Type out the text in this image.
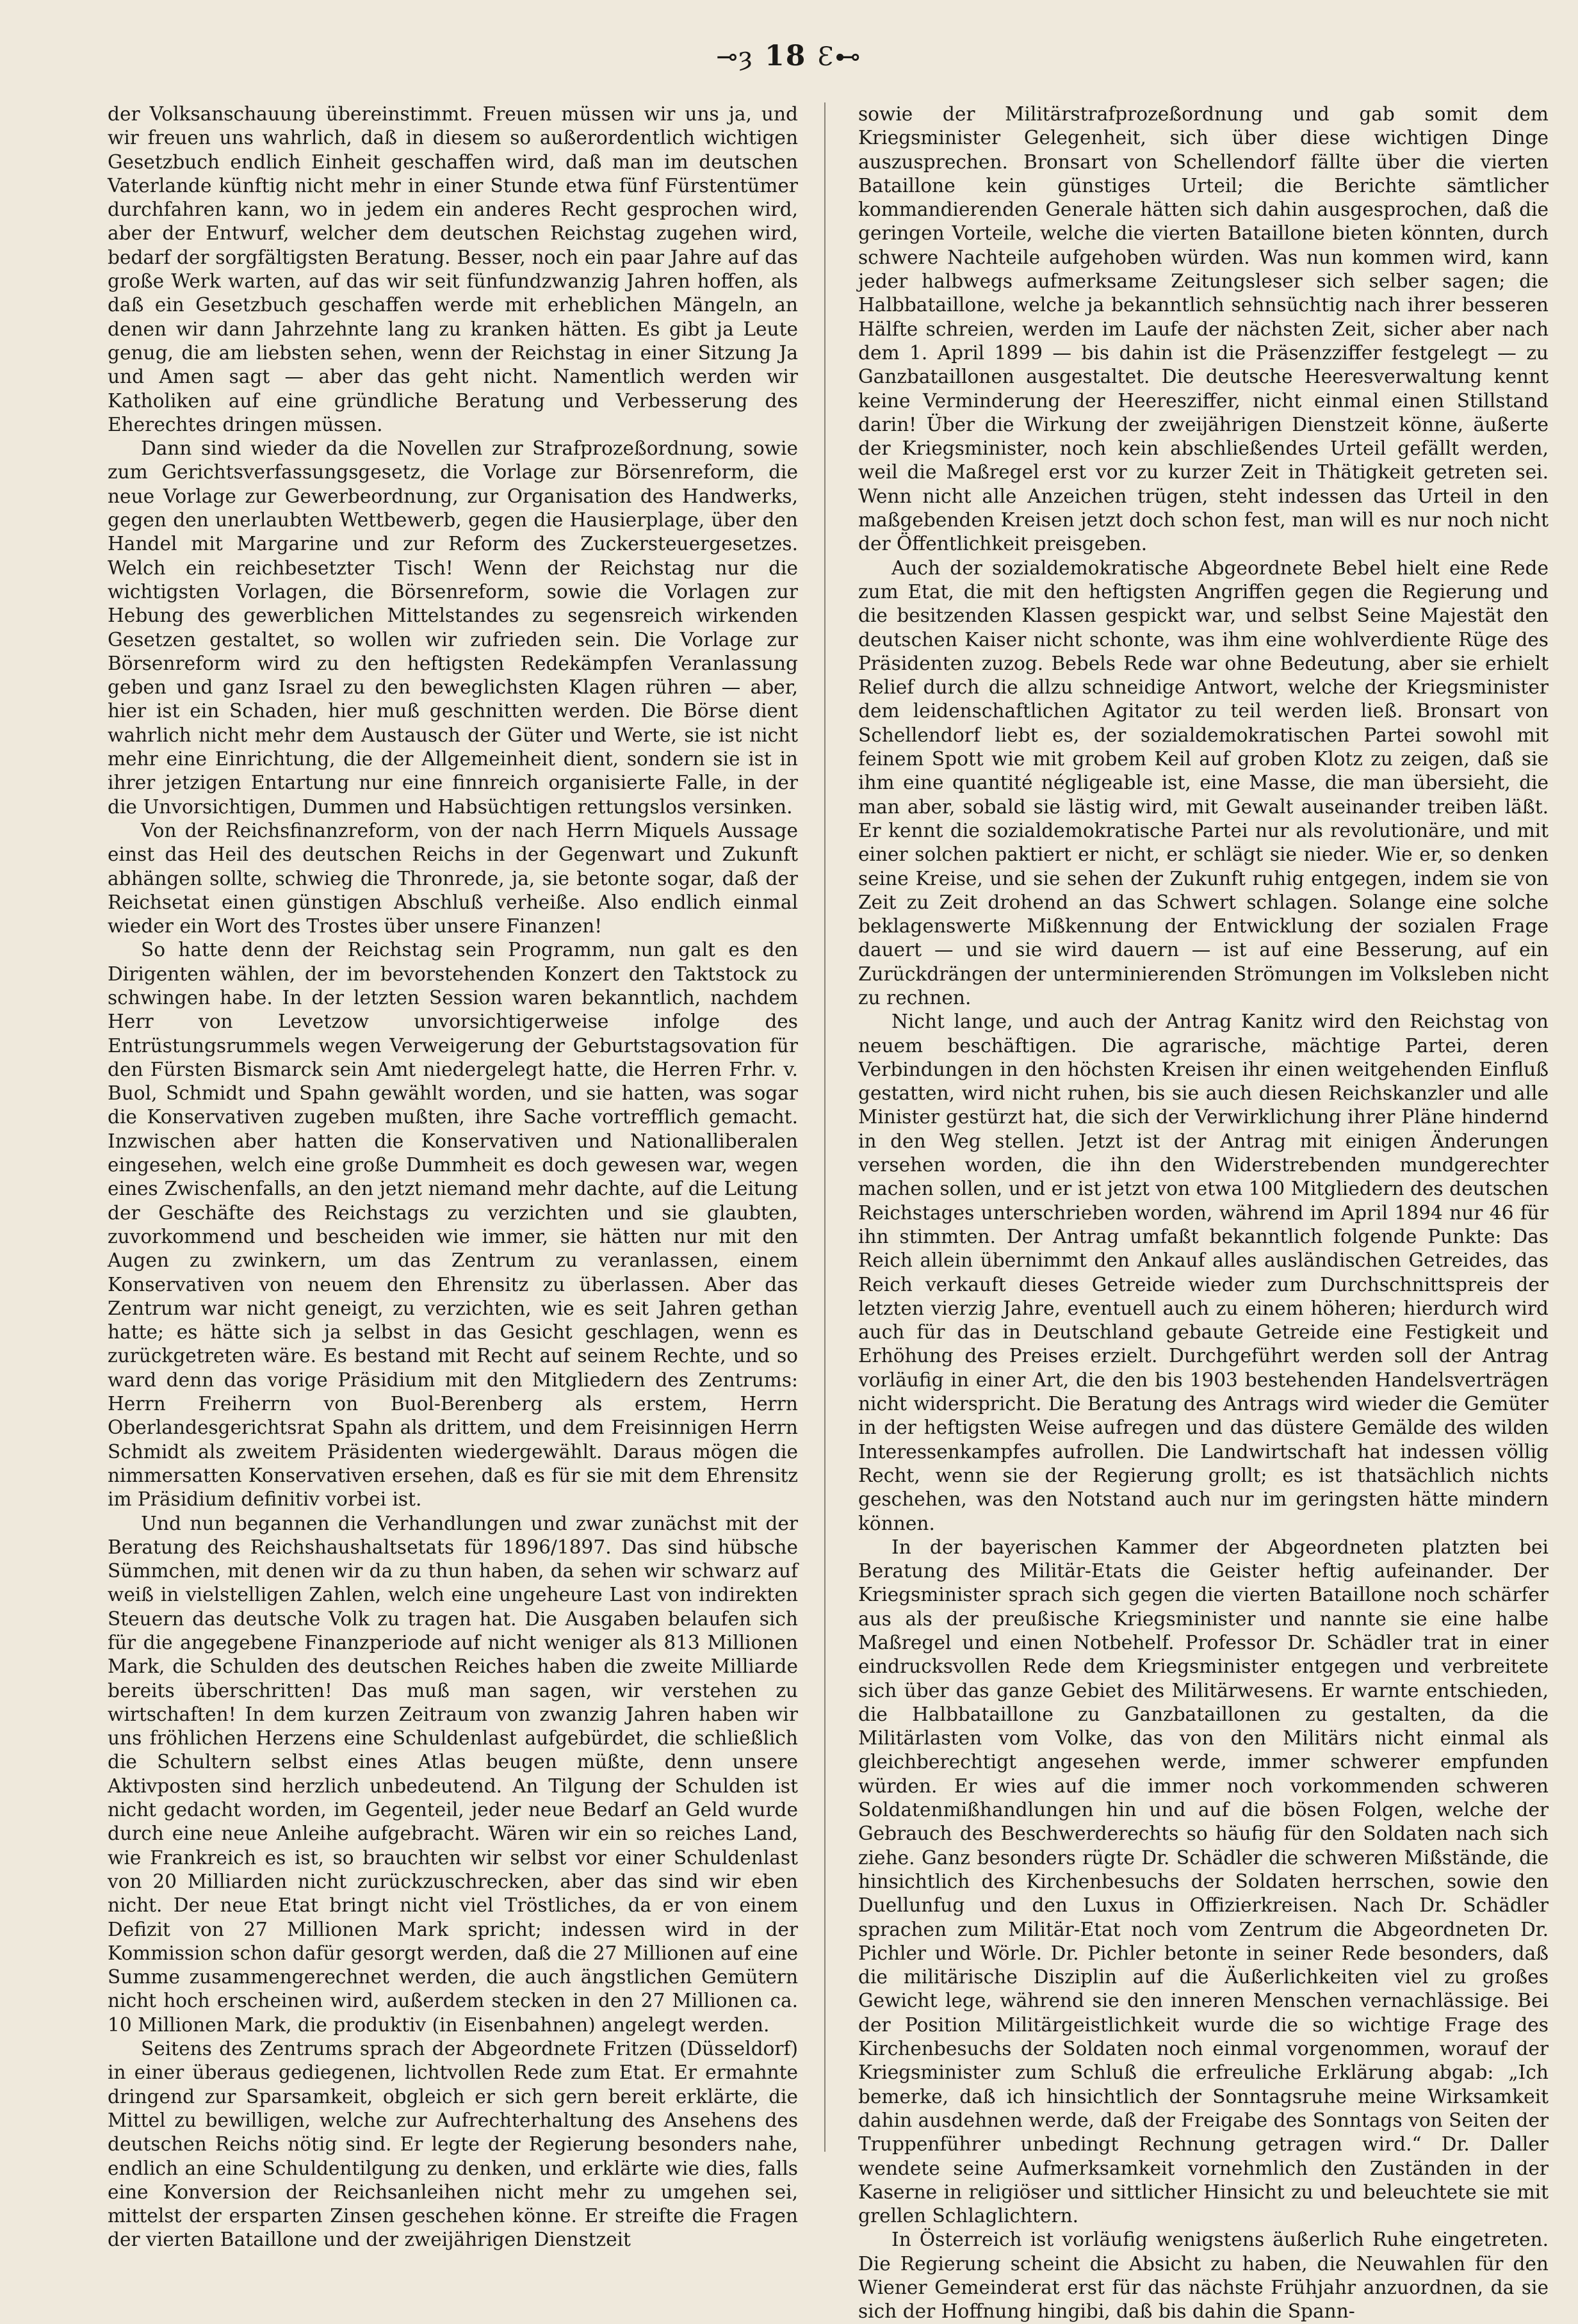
⊸ȝ 18 Ɛ⊷

der Volksanschauung übereinstimmt. Freuen müssen wir uns ja, und wir freuen uns wahrlich, daß in diesem so außerordentlich wichtigen Gesetzbuch endlich Einheit geschaffen wird, daß man im deutschen Vaterlande künftig nicht mehr in einer Stunde etwa fünf Fürstentümer durchfahren kann, wo in jedem ein anderes Recht gesprochen wird, aber der Entwurf, welcher dem deutschen Reichstag zugehen wird, bedarf der sorgfältigsten Beratung. Besser, noch ein paar Jahre auf das große Werk warten, auf das wir seit fünfundzwanzig Jahren hoffen, als daß ein Gesetzbuch geschaffen werde mit erheblichen Mängeln, an denen wir dann Jahrzehnte lang zu kranken hätten. Es gibt ja Leute genug, die am liebsten sehen, wenn der Reichstag in einer Sitzung Ja und Amen sagt — aber das geht nicht. Namentlich werden wir Katholiken auf eine gründliche Beratung und Verbesserung des Eherechtes dringen müssen.

Dann sind wieder da die Novellen zur Strafprozeßordnung, sowie zum Gerichtsverfassungsgesetz, die Vorlage zur Börsenreform, die neue Vorlage zur Gewerbeordnung, zur Organisation des Handwerks, gegen den unerlaubten Wettbewerb, gegen die Hausierplage, über den Handel mit Margarine und zur Reform des Zuckersteuergesetzes. Welch ein reichbesetzter Tisch! Wenn der Reichstag nur die wichtigsten Vorlagen, die Börsenreform, sowie die Vorlagen zur Hebung des gewerblichen Mittelstandes zu segensreich wirkenden Gesetzen gestaltet, so wollen wir zufrieden sein. Die Vorlage zur Börsenreform wird zu den heftigsten Redekämpfen Veranlassung geben und ganz Israel zu den beweglichsten Klagen rühren — aber, hier ist ein Schaden, hier muß geschnitten werden. Die Börse dient wahrlich nicht mehr dem Austausch der Güter und Werte, sie ist nicht mehr eine Einrichtung, die der Allgemeinheit dient, sondern sie ist in ihrer jetzigen Entartung nur eine finnreich organisierte Falle, in der die Unvorsichtigen, Dummen und Habsüchtigen rettungslos versinken.

Von der Reichsfinanzreform, von der nach Herrn Miquels Aussage einst das Heil des deutschen Reichs in der Gegenwart und Zukunft abhängen sollte, schwieg die Thronrede, ja, sie betonte sogar, daß der Reichsetat einen günstigen Abschluß verheiße. Also endlich einmal wieder ein Wort des Trostes über unsere Finanzen!

So hatte denn der Reichstag sein Programm, nun galt es den Dirigenten wählen, der im bevorstehenden Konzert den Taktstock zu schwingen habe. In der letzten Session waren bekanntlich, nachdem Herr von Levetzow unvorsichtigerweise infolge des Entrüstungsrummels wegen Verweigerung der Geburtstagsovation für den Fürsten Bismarck sein Amt niedergelegt hatte, die Herren Frhr. v. Buol, Schmidt und Spahn gewählt worden, und sie hatten, was sogar die Konservativen zugeben mußten, ihre Sache vortrefflich gemacht. Inzwischen aber hatten die Konservativen und Nationalliberalen eingesehen, welch eine große Dummheit es doch gewesen war, wegen eines Zwischenfalls, an den jetzt niemand mehr dachte, auf die Leitung der Geschäfte des Reichstags zu verzichten und sie glaubten, zuvorkommend und bescheiden wie immer, sie hätten nur mit den Augen zu zwinkern, um das Zentrum zu veranlassen, einem Konservativen von neuem den Ehrensitz zu überlassen. Aber das Zentrum war nicht geneigt, zu verzichten, wie es seit Jahren gethan hatte; es hätte sich ja selbst in das Gesicht geschlagen, wenn es zurückgetreten wäre. Es bestand mit Recht auf seinem Rechte, und so ward denn das vorige Präsidium mit den Mitgliedern des Zentrums: Herrn Freiherrn von Buol-Berenberg als erstem, Herrn Oberlandesgerichtsrat Spahn als drittem, und dem Freisinnigen Herrn Schmidt als zweitem Präsidenten wiedergewählt. Daraus mögen die nimmersatten Konservativen ersehen, daß es für sie mit dem Ehrensitz im Präsidium definitiv vorbei ist.

Und nun begannen die Verhandlungen und zwar zunächst mit der Beratung des Reichshaushaltsetats für 1896/1897. Das sind hübsche Sümmchen, mit denen wir da zu thun haben, da sehen wir schwarz auf weiß in vielstelligen Zahlen, welch eine ungeheure Last von indirekten Steuern das deutsche Volk zu tragen hat. Die Ausgaben belaufen sich für die angegebene Finanzperiode auf nicht weniger als 813 Millionen Mark, die Schulden des deutschen Reiches haben die zweite Milliarde bereits überschritten! Das muß man sagen, wir verstehen zu wirtschaften! In dem kurzen Zeitraum von zwanzig Jahren haben wir uns fröhlichen Herzens eine Schuldenlast aufgebürdet, die schließlich die Schultern selbst eines Atlas beugen müßte, denn unsere Aktivposten sind herzlich unbedeutend. An Tilgung der Schulden ist nicht gedacht worden, im Gegenteil, jeder neue Bedarf an Geld wurde durch eine neue Anleihe aufgebracht. Wären wir ein so reiches Land, wie Frankreich es ist, so brauchten wir selbst vor einer Schuldenlast von 20 Milliarden nicht zurückzuschrecken, aber das sind wir eben nicht. Der neue Etat bringt nicht viel Tröstliches, da er von einem Defizit von 27 Millionen Mark spricht; indessen wird in der Kommission schon dafür gesorgt werden, daß die 27 Millionen auf eine Summe zusammengerechnet werden, die auch ängstlichen Gemütern nicht hoch erscheinen wird, außerdem stecken in den 27 Millionen ca. 10 Millionen Mark, die produktiv (in Eisenbahnen) angelegt werden.

Seitens des Zentrums sprach der Abgeordnete Fritzen (Düsseldorf) in einer überaus gediegenen, lichtvollen Rede zum Etat. Er ermahnte dringend zur Sparsamkeit, obgleich er sich gern bereit erklärte, die Mittel zu bewilligen, welche zur Aufrechterhaltung des Ansehens des deutschen Reichs nötig sind. Er legte der Regierung besonders nahe, endlich an eine Schuldentilgung zu denken, und erklärte wie dies, falls eine Konversion der Reichsanleihen nicht mehr zu umgehen sei, mittelst der ersparten Zinsen geschehen könne. Er streifte die Fragen der vierten Bataillone und der zweijährigen Dienstzeit

sowie der Militärstrafprozeßordnung und gab somit dem Kriegsminister Gelegenheit, sich über diese wichtigen Dinge auszusprechen. Bronsart von Schellendorf fällte über die vierten Bataillone kein günstiges Urteil; die Berichte sämtlicher kommandierenden Generale hätten sich dahin ausgesprochen, daß die geringen Vorteile, welche die vierten Bataillone bieten könnten, durch schwere Nachteile aufgehoben würden. Was nun kommen wird, kann jeder halbwegs aufmerksame Zeitungsleser sich selber sagen; die Halbbataillone, welche ja bekanntlich sehnsüchtig nach ihrer besseren Hälfte schreien, werden im Laufe der nächsten Zeit, sicher aber nach dem 1. April 1899 — bis dahin ist die Präsenzziffer festgelegt — zu Ganzbataillonen ausgestaltet. Die deutsche Heeresverwaltung kennt keine Verminderung der Heeresziffer, nicht einmal einen Stillstand darin! Über die Wirkung der zweijährigen Dienstzeit könne, äußerte der Kriegsminister, noch kein abschließendes Urteil gefällt werden, weil die Maßregel erst vor zu kurzer Zeit in Thätigkeit getreten sei. Wenn nicht alle Anzeichen trügen, steht indessen das Urteil in den maßgebenden Kreisen jetzt doch schon fest, man will es nur noch nicht der Öffentlichkeit preisgeben.

Auch der sozialdemokratische Abgeordnete Bebel hielt eine Rede zum Etat, die mit den heftigsten Angriffen gegen die Regierung und die besitzenden Klassen gespickt war, und selbst Seine Majestät den deutschen Kaiser nicht schonte, was ihm eine wohlverdiente Rüge des Präsidenten zuzog. Bebels Rede war ohne Bedeutung, aber sie erhielt Relief durch die allzu schneidige Antwort, welche der Kriegsminister dem leidenschaftlichen Agitator zu teil werden ließ. Bronsart von Schellendorf liebt es, der sozialdemokratischen Partei sowohl mit feinem Spott wie mit grobem Keil auf groben Klotz zu zeigen, daß sie ihm eine quantité négligeable ist, eine Masse, die man übersieht, die man aber, sobald sie lästig wird, mit Gewalt auseinander treiben läßt. Er kennt die sozialdemokratische Partei nur als revolutionäre, und mit einer solchen paktiert er nicht, er schlägt sie nieder. Wie er, so denken seine Kreise, und sie sehen der Zukunft ruhig entgegen, indem sie von Zeit zu Zeit drohend an das Schwert schlagen. Solange eine solche beklagenswerte Mißkennung der Entwicklung der sozialen Frage dauert — und sie wird dauern — ist auf eine Besserung, auf ein Zurückdrängen der unterminierenden Strömungen im Volksleben nicht zu rechnen.

Nicht lange, und auch der Antrag Kanitz wird den Reichstag von neuem beschäftigen. Die agrarische, mächtige Partei, deren Verbindungen in den höchsten Kreisen ihr einen weitgehenden Einfluß gestatten, wird nicht ruhen, bis sie auch diesen Reichskanzler und alle Minister gestürzt hat, die sich der Verwirklichung ihrer Pläne hindernd in den Weg stellen. Jetzt ist der Antrag mit einigen Änderungen versehen worden, die ihn den Widerstrebenden mundgerechter machen sollen, und er ist jetzt von etwa 100 Mitgliedern des deutschen Reichstages unterschrieben worden, während im April 1894 nur 46 für ihn stimmten. Der Antrag umfaßt bekanntlich folgende Punkte: Das Reich allein übernimmt den Ankauf alles ausländischen Getreides, das Reich verkauft dieses Getreide wieder zum Durchschnittspreis der letzten vierzig Jahre, eventuell auch zu einem höheren; hierdurch wird auch für das in Deutschland gebaute Getreide eine Festigkeit und Erhöhung des Preises erzielt. Durchgeführt werden soll der Antrag vorläufig in einer Art, die den bis 1903 bestehenden Handelsverträgen nicht widerspricht. Die Beratung des Antrags wird wieder die Gemüter in der heftigsten Weise aufregen und das düstere Gemälde des wilden Interessenkampfes aufrollen. Die Landwirtschaft hat indessen völlig Recht, wenn sie der Regierung grollt; es ist thatsächlich nichts geschehen, was den Notstand auch nur im geringsten hätte mindern können.

In der bayerischen Kammer der Abgeordneten platzten bei Beratung des Militär-Etats die Geister heftig aufeinander. Der Kriegsminister sprach sich gegen die vierten Bataillone noch schärfer aus als der preußische Kriegsminister und nannte sie eine halbe Maßregel und einen Notbehelf. Professor Dr. Schädler trat in einer eindrucksvollen Rede dem Kriegsminister entgegen und verbreitete sich über das ganze Gebiet des Militärwesens. Er warnte entschieden, die Halbbataillone zu Ganzbataillonen zu gestalten, da die Militärlasten vom Volke, das von den Militärs nicht einmal als gleichberechtigt angesehen werde, immer schwerer empfunden würden. Er wies auf die immer noch vorkommenden schweren Soldatenmißhandlungen hin und auf die bösen Folgen, welche der Gebrauch des Beschwerderechts so häufig für den Soldaten nach sich ziehe. Ganz besonders rügte Dr. Schädler die schweren Mißstände, die hinsichtlich des Kirchenbesuchs der Soldaten herrschen, sowie den Duellunfug und den Luxus in Offizierkreisen. Nach Dr. Schädler sprachen zum Militär-Etat noch vom Zentrum die Abgeordneten Dr. Pichler und Wörle. Dr. Pichler betonte in seiner Rede besonders, daß die militärische Disziplin auf die Äußerlichkeiten viel zu großes Gewicht lege, während sie den inneren Menschen vernachlässige. Bei der Position Militärgeistlichkeit wurde die so wichtige Frage des Kirchenbesuchs der Soldaten noch einmal vorgenommen, worauf der Kriegsminister zum Schluß die erfreuliche Erklärung abgab: „Ich bemerke, daß ich hinsichtlich der Sonntagsruhe meine Wirksamkeit dahin ausdehnen werde, daß der Freigabe des Sonntags von Seiten der Truppenführer unbedingt Rechnung getragen wird.“ Dr. Daller wendete seine Aufmerksamkeit vornehmlich den Zuständen in der Kaserne in religiöser und sittlicher Hinsicht zu und beleuchtete sie mit grellen Schlaglichtern.

In Österreich ist vorläufig wenigstens äußerlich Ruhe eingetreten. Die Regierung scheint die Absicht zu haben, die Neuwahlen für den Wiener Gemeinderat erst für das nächste Frühjahr anzuordnen, da sie sich der Hoffnung hingibi, daß bis dahin die Spann-
